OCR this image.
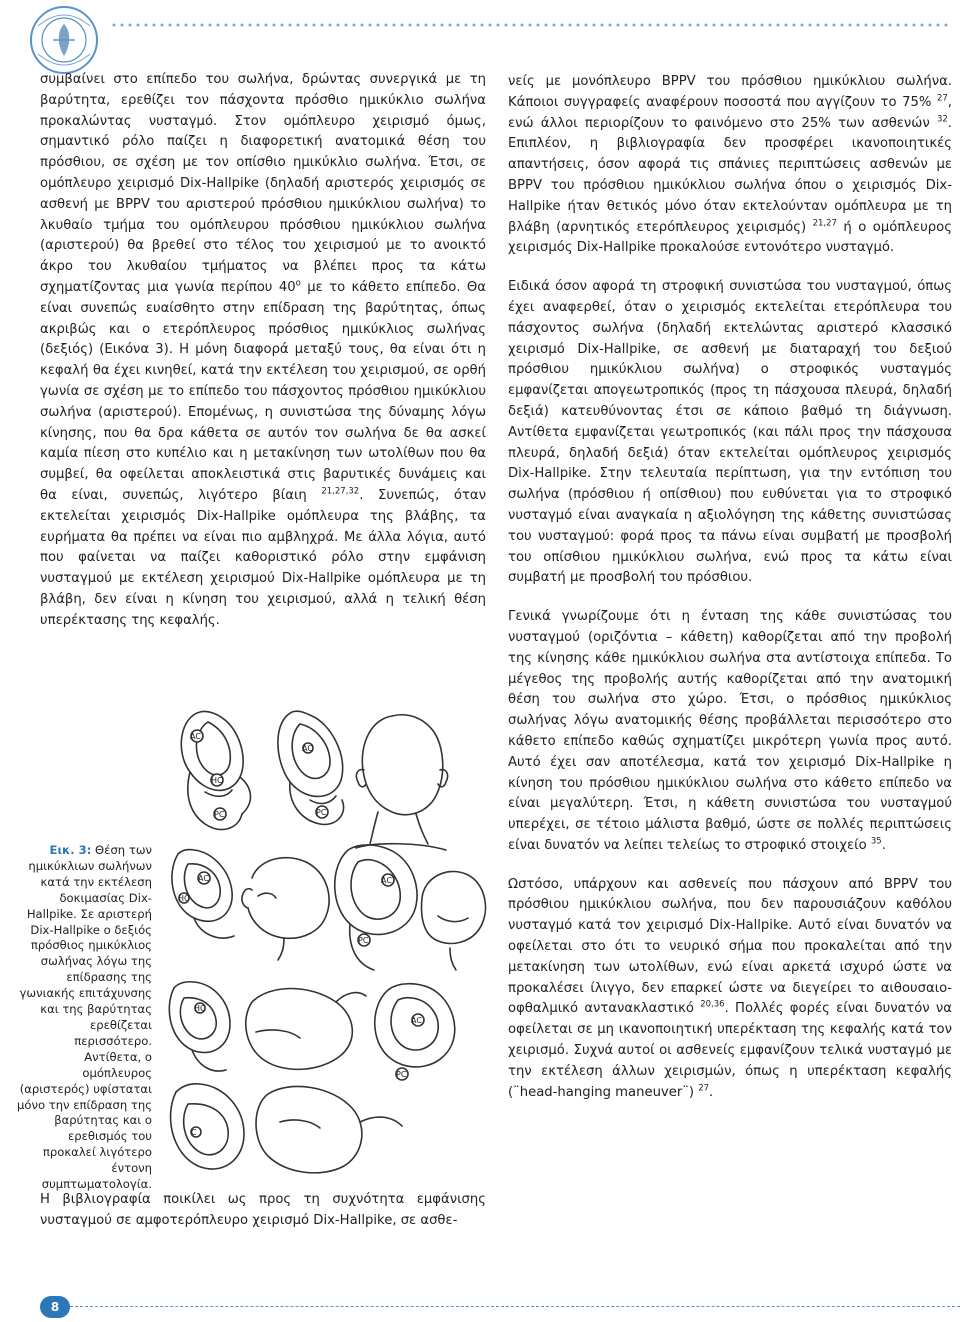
συμβαίνει στο επίπεδο του σωλήνα, δρώντας συνεργικά με τη βαρύτητα, ερεθίζει τον πάσχοντα πρόσθιο ημικύκλιο σωλήνα προκαλώντας νυσταγμό. Στον ομόπλευρο χειρισμό όμως, σημαντικό ρόλο παίζει η διαφορετική ανατομικά θέση του πρόσθιου, σε σχέση με τον οπίσθιο ημικύκλιο σωλήνα. Έτσι, σε ομόπλευρο χειρισμό Dix-Hallpike (δηλαδή αριστερός χειρισμός σε ασθενή με BPPV του αριστερού πρόσθιου ημικύκλιου σωλήνα) το λκυθαίο τμήμα του ομόπλευρου πρόσθιου ημικύκλιου σωλήνα (αριστερού) θα βρεθεί στο τέλος του χειρισμού με το ανοικτό άκρο του λκυθαίου τμήματος να βλέπει προς τα κάτω σχηματίζοντας μια γωνία περίπου $40^o$ με το κάθετο επίπεδο. Θα είναι συνεπώς ευαίσθητο στην επίδραση της βαρύτητας, όπως ακριβώς και ο ετερόπλευρος πρόσθιος ημικύκλιος σωλήνας (δεξιός) (Εικόνα 3). Η μόνη διαφορά μεταξύ τους, θα είναι ότι η κεφαλή θα έχει κινηθεί, κατά την εκτέλεση του χειρισμού, σε ορθή γωνία σε σχέση με το επίπεδο του πάσχοντος πρόσθιου ημικύκλιου σωλήνα (αριστερού). Επομένως, η συνιστώσα της δύναμης λόγω κίνησης, που θα δρα κάθετα σε αυτόν τον σωλήνα δε θα ασκεί καμία πίεση στο κυπέλιο και η μετακίνηση των ωτολίθων που θα συμβεί, θα οφείλεται αποκλειστικά στις βαρυτικές δυνάμεις και θα είναι, συνεπώς, λιγότερο βίαιη $^{21,27,32}$. Συνεπώς, όταν εκτελείται χειρισμός Dix-Hallpike ομόπλευρα της βλάβης, τα ευρήματα θα πρέπει να είναι πιο αμβληχρά. Με άλλα λόγια, αυτό που φαίνεται να παίζει καθοριστικό ρόλο στην εμφάνιση νυσταγμού με εκτέλεση χειρισμού Dix-Hallpike ομόπλευρα με τη βλάβη, δεν είναι η κίνηση του χειρισμού, αλλά η τελική θέση υπερέκτασης της κεφαλής.

Εικ. 3: Θέση των ημικύκλιων σωλήνων κατά την εκτέλεση δοκιμασίας Dix-Hallpike. Σε αριστερή Dix-Hallpike ο δεξιός πρόσθιος ημικύκλιος σωλήνας λόγω της επίδρασης της γωνιακής επιτάχυνσης και της βαρύτητας ερεθίζεται περισσότερο. Αντίθετα, ο ομόπλευρος (αριστερός) υφίσταται μόνο την επίδραση της βαρύτητας και ο ερεθισμός του προκαλεί λιγότερο έντονη συμπτωματολογία.
AC
HC
PC
AC
PC
AC
HC
AC
PC
HC
AC
PC
C

Η βιβλιογραφία ποικίλει ως προς τη συχνότητα εμφάνισης νυσταγμού σε αμφοτερόπλευρο χειρισμό Dix-Hallpike, σε ασθε-

νείς με μονόπλευρο BPPV του πρόσθιου ημικύκλιου σωλήνα. Κάποιοι συγγραφείς αναφέρουν ποσοστά που αγγίζουν το 75% $^{27}$, ενώ άλλοι περιορίζουν το φαινόμενο στο 25% των ασθενών $^{32}$. Επιπλέον, η βιβλιογραφία δεν προσφέρει ικανοποιητικές απαντήσεις, όσον αφορά τις σπάνιες περιπτώσεις ασθενών με BPPV του πρόσθιου ημικύκλιου σωλήνα όπου ο χειρισμός Dix-Hallpike ήταν θετικός μόνο όταν εκτελούνταν ομόπλευρα με τη βλάβη (αρνητικός ετερόπλευρος χειρισμός) $^{21,27}$ ή ο ομόπλευρος χειρισμός Dix-Hallpike προκαλούσε εντονότερο νυσταγμό.

Ειδικά όσον αφορά τη στροφική συνιστώσα του νυσταγμού, όπως έχει αναφερθεί, όταν ο χειρισμός εκτελείται ετερόπλευρα του πάσχοντος σωλήνα (δηλαδή εκτελώντας αριστερό κλασσικό χειρισμό Dix-Hallpike, σε ασθενή με διαταραχή του δεξιού πρόσθιου ημικύκλιου σωλήνα) ο στροφικός νυσταγμός εμφανίζεται απογεωτροπικός (προς τη πάσχουσα πλευρά, δηλαδή δεξιά) κατευθύνοντας έτσι σε κάποιο βαθμό τη διάγνωση. Αντίθετα εμφανίζεται γεωτροπικός (και πάλι προς την πάσχουσα πλευρά, δηλαδή δεξιά) όταν εκτελείται ομόπλευρος χειρισμός Dix-Hallpike. Στην τελευταία περίπτωση, για την εντόπιση του σωλήνα (πρόσθιου ή οπίσθιου) που ευθύνεται για το στροφικό νυσταγμό είναι αναγκαία η αξιολόγηση της κάθετης συνιστώσας του νυσταγμού: φορά προς τα πάνω είναι συμβατή με προσβολή του οπίσθιου ημικύκλιου σωλήνα, ενώ προς τα κάτω είναι συμβατή με προσβολή του πρόσθιου.

Γενικά γνωρίζουμε ότι η ένταση της κάθε συνιστώσας του νυσταγμού (οριζόντια – κάθετη) καθορίζεται από την προβολή της κίνησης κάθε ημικύκλιου σωλήνα στα αντίστοιχα επίπεδα. Το μέγεθος της προβολής αυτής καθορίζεται από την ανατομική θέση του σωλήνα στο χώρο. Έτσι, ο πρόσθιος ημικύκλιος σωλήνας λόγω ανατομικής θέσης προβάλλεται περισσότερο στο κάθετο επίπεδο καθώς σχηματίζει μικρότερη γωνία προς αυτό. Αυτό έχει σαν αποτέλεσμα, κατά τον χειρισμό Dix-Hallpike η κίνηση του πρόσθιου ημικύκλιου σωλήνα στο κάθετο επίπεδο να είναι μεγαλύτερη. Έτσι, η κάθετη συνιστώσα του νυσταγμού υπερέχει, σε τέτοιο μάλιστα βαθμό, ώστε σε πολλές περιπτώσεις είναι δυνατόν να λείπει τελείως το στροφικό στοιχείο $^{35}$.

Ωστόσο, υπάρχουν και ασθενείς που πάσχουν από BPPV του πρόσθιου ημικύκλιου σωλήνα, που δεν παρουσιάζουν καθόλου νυσταγμό κατά τον χειρισμό Dix-Hallpike. Αυτό είναι δυνατόν να οφείλεται στο ότι το νευρικό σήμα που προκαλείται από την μετακίνηση των ωτολίθων, ενώ είναι αρκετά ισχυρό ώστε να προκαλέσει ίλιγγο, δεν επαρκεί ώστε να διεγείρει το αιθουσαιο-οφθαλμικό αντανακλαστικό $^{20,36}$. Πολλές φορές είναι δυνατόν να οφείλεται σε μη ικανοποιητική υπερέκταση της κεφαλής κατά τον χειρισμό. Συχνά αυτοί οι ασθενείς εμφανίζουν τελικά νυσταγμό με την εκτέλεση άλλων χειρισμών, όπως η υπερέκταση κεφαλής (¨head-hanging maneuver¨) $^{27}$.

8
